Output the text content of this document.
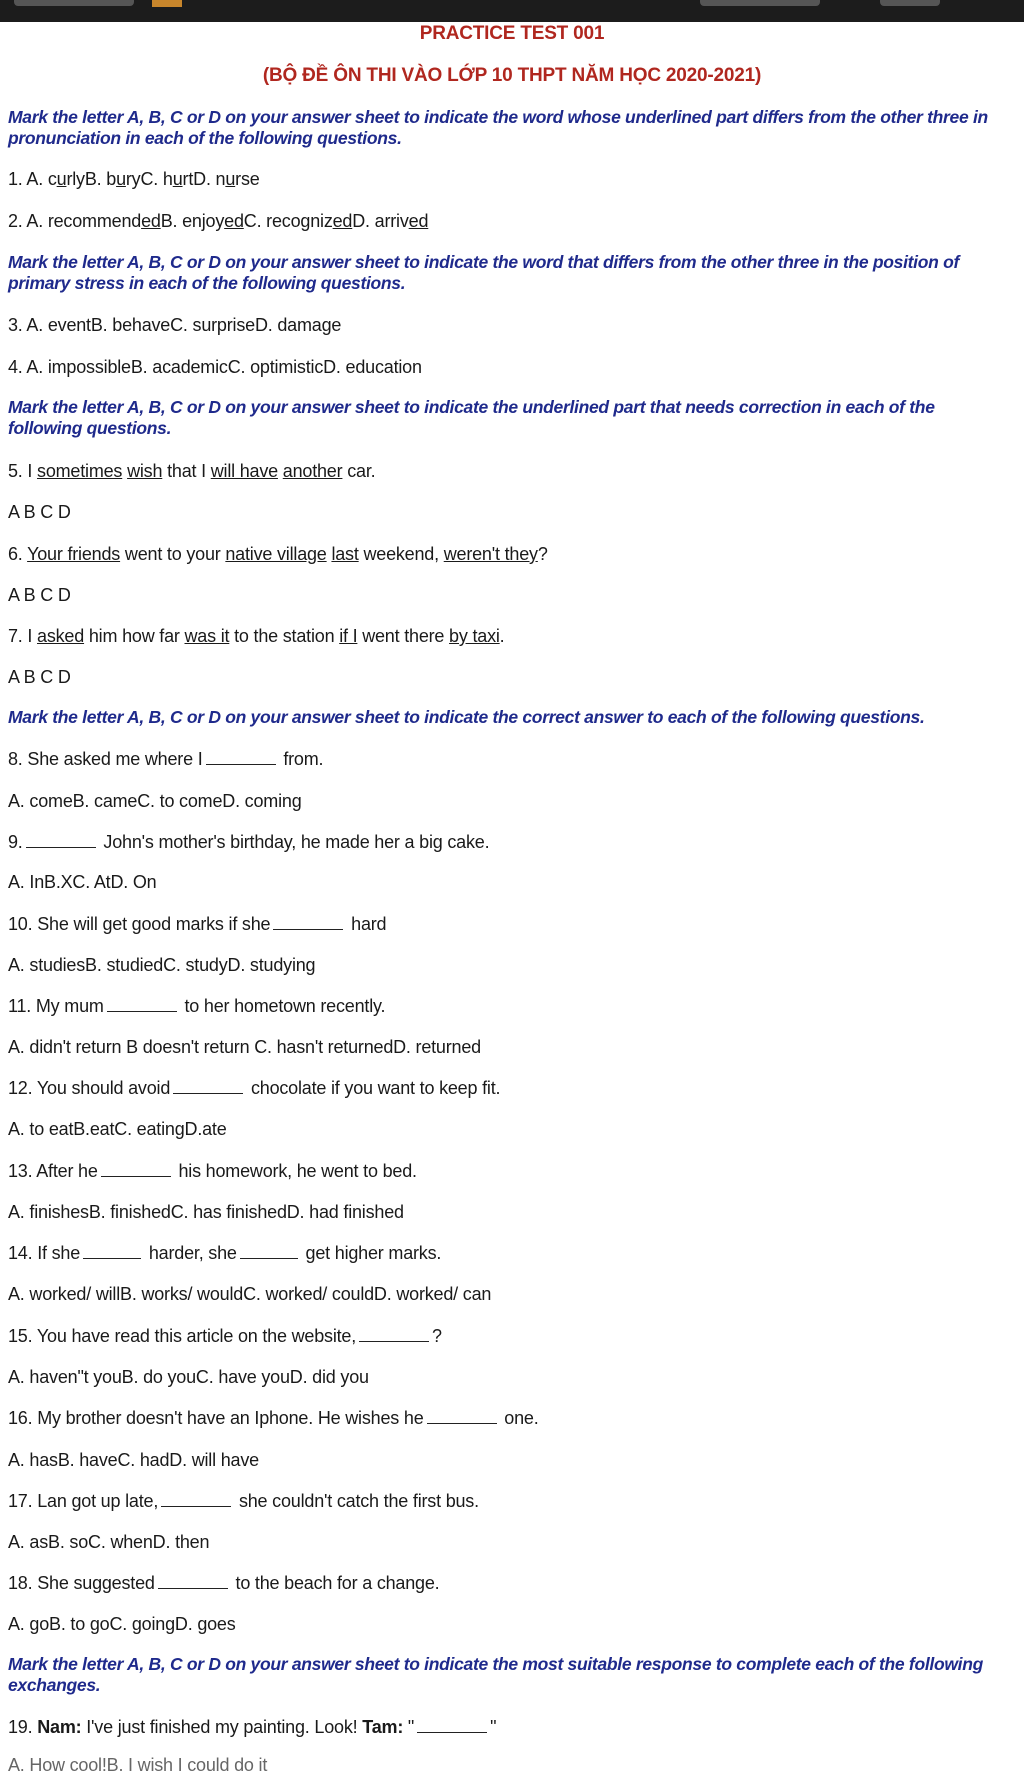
PRACTICE TEST 001
(BỘ ĐỀ ÔN THI VÀO LỚP 10 THPT NĂM HỌC 2020-2021)
Mark the letter A, B, C or D on your answer sheet to indicate the word whose underlined part differs from the other three in pronunciation in each of the following questions.
1. A. curlyB. buryC. hurtD. nurse
2. A. recommendedB. enjoyedC. recognizedD. arrived
Mark the letter A, B, C or D on your answer sheet to indicate the word that differs from the other three in the position of primary stress in each of the following questions.
3. A. eventB. behaveC. surpriseD. damage
4. A. impossibleB. academicC. optimisticD. education
Mark the letter A, B, C or D on your answer sheet to indicate the underlined part that needs correction in each of the following questions.
5. I sometimes wish that I will have another car.
A B C D
6. Your friends went to your native village last weekend, weren't they?
A B C D
7. I asked him how far was it to the station if I went there by taxi.
A B C D
Mark the letter A, B, C or D on your answer sheet to indicate the correct answer to each of the following questions.
8. She asked me where I	from.
A. comeB. cameC. to comeD. coming
9.	John's mother's birthday, he made her a big cake.
A. InB.XC. AtD. On
10. She will get good marks if she	hard
A. studiesB. studiedC. studyD. studying
11. My mum	to her hometown recently.
A. didn't return B doesn't return C. hasn't returnedD. returned
12. You should avoid	chocolate if you want to keep fit.
A. to eatB.eatC. eatingD.ate
13. After he	his homework, he went to bed.
A. finishesB. finishedC. has finishedD. had finished
14. If she	harder, she	get higher marks.
A. worked/ willB. works/ wouldC. worked/ couldD. worked/ can
15. You have read this article on the website,	?
A. haven"t youB. do youC. have youD. did you
16. My brother doesn't have an Iphone. He wishes he	one.
A. hasB. haveC. hadD. will have
17. Lan got up late,	she couldn't catch the first bus.
A. asB. soC. whenD. then
18. She suggested	to the beach for a change.
A. goB. to goC. goingD. goes
Mark the letter A, B, C or D on your answer sheet to indicate the most suitable response to complete each of the following exchanges.
19. Nam: I've just finished my painting. Look! Tam: "	"
A. How cool!B. I wish I could do it
